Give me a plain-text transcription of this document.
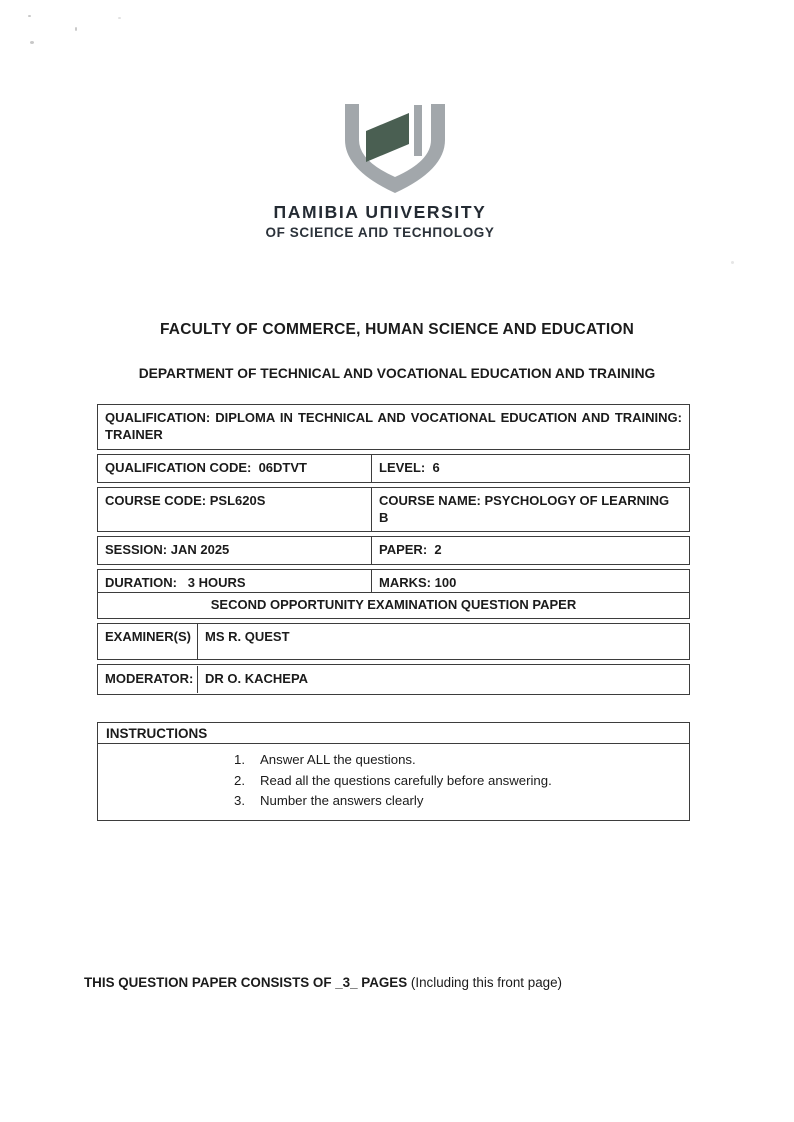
ΠAMIBIA UΠIVERSITY
OF SCIEΠCE AΠD TECHΠOLOGY
FACULTY OF COMMERCE, HUMAN SCIENCE AND EDUCATION
DEPARTMENT OF TECHNICAL AND VOCATIONAL EDUCATION AND TRAINING
QUALIFICATION: DIPLOMA IN TECHNICAL AND VOCATIONAL EDUCATION AND TRAINING: TRAINER
QUALIFICATION CODE:  06DTVT	LEVEL:  6
COURSE CODE: PSL620S	COURSE NAME: PSYCHOLOGY OF LEARNING B
SESSION: JAN 2025	PAPER:  2
DURATION:   3 HOURS	MARKS: 100
SECOND OPPORTUNITY EXAMINATION QUESTION PAPER
EXAMINER(S)	MS R. QUEST
MODERATOR: DR O. KACHEPA
INSTRUCTIONS
1.	Answer ALL the questions.
2.	Read all the questions carefully before answering.
3.	Number the answers clearly
THIS QUESTION PAPER CONSISTS OF _3_ PAGES (Including this front page)
